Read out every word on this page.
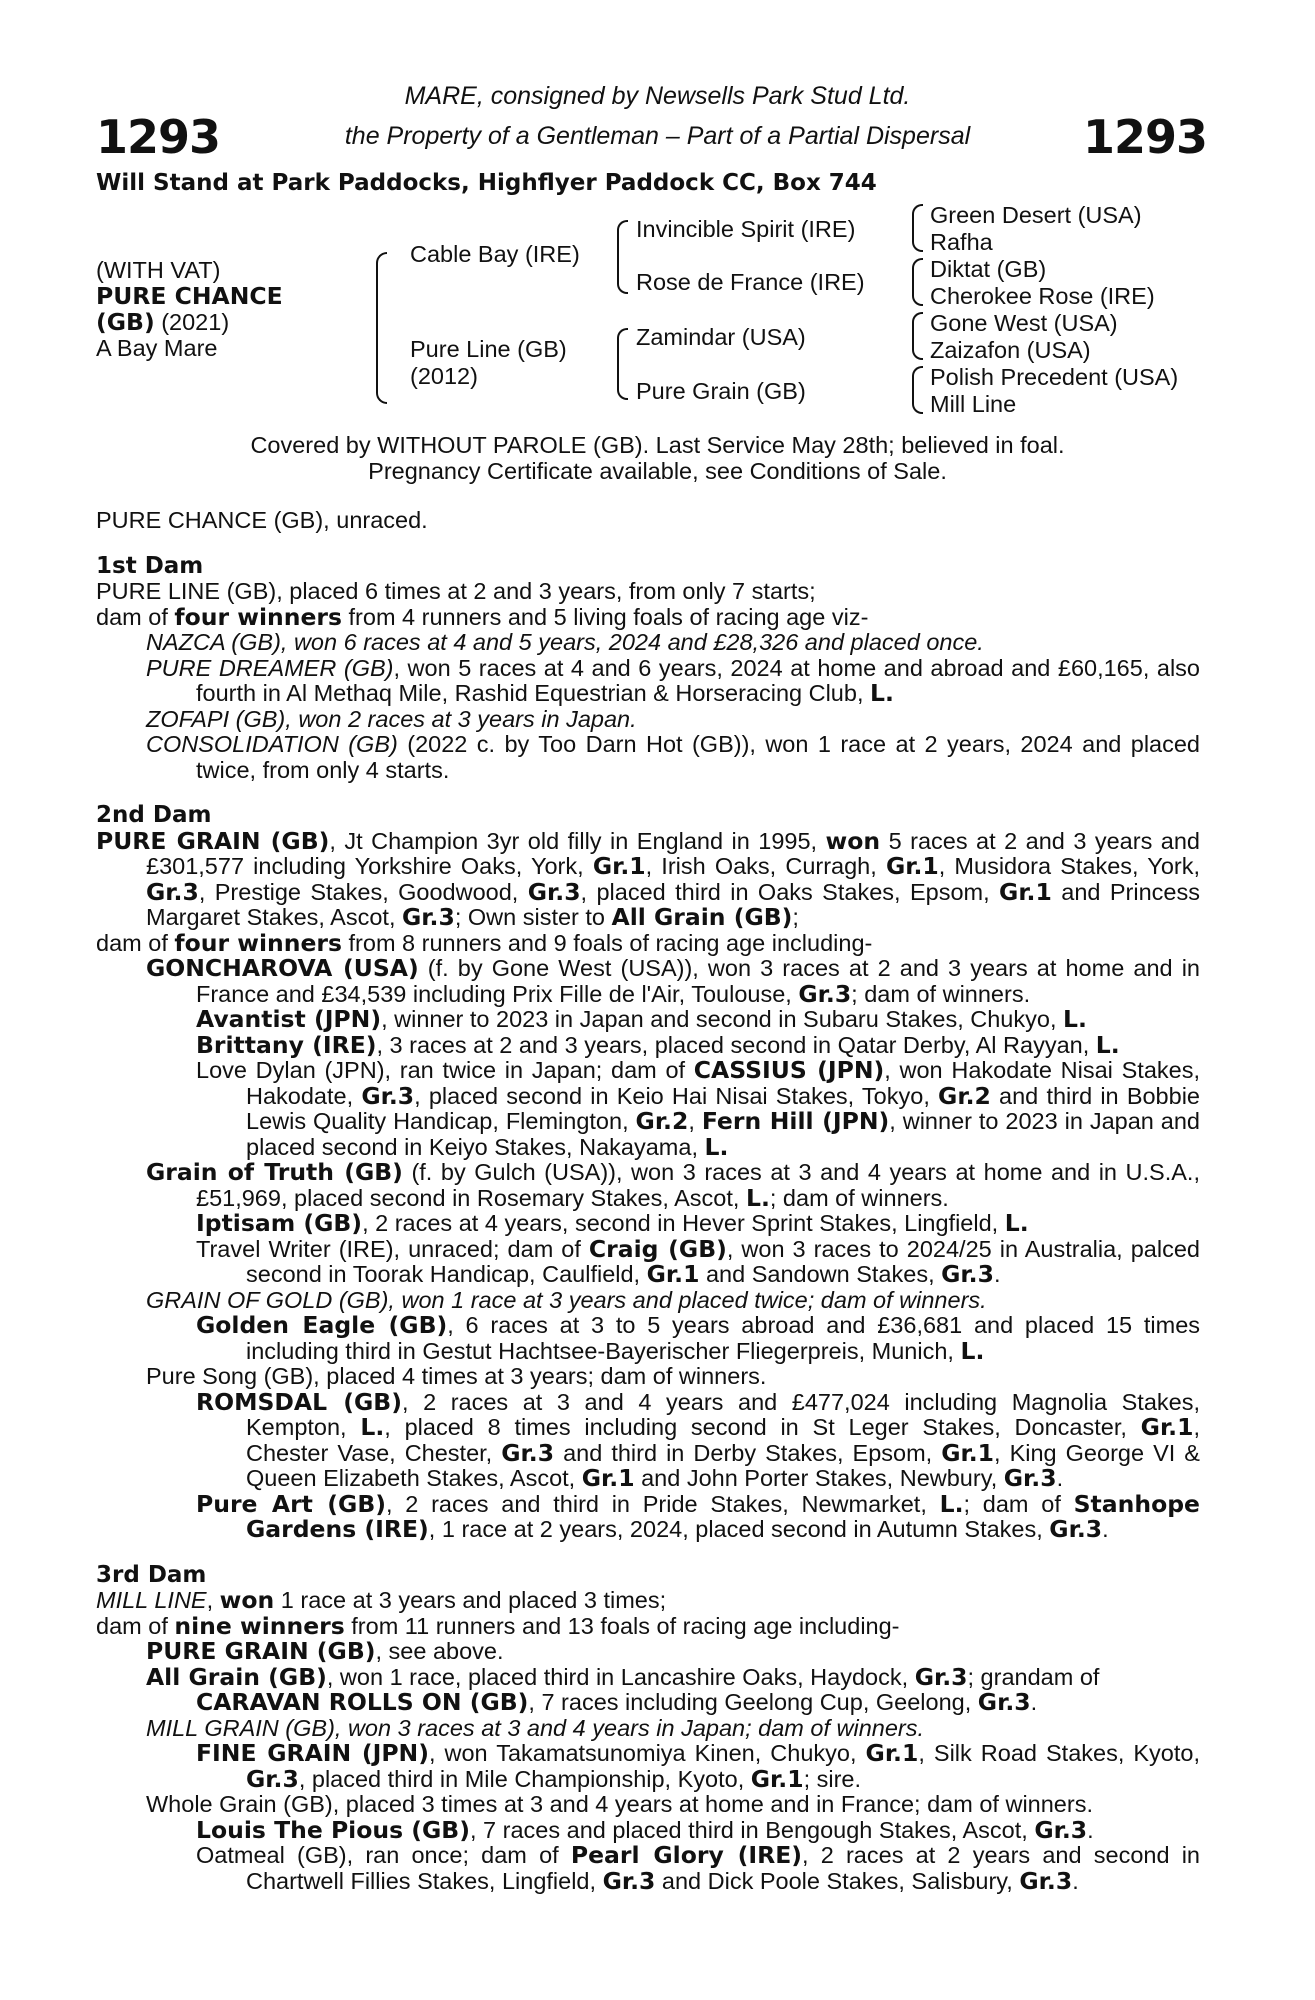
1293	1293
MARE, consigned by Newsells Park Stud Ltd.
the Property of a Gentleman – Part of a Partial Dispersal
Will Stand at Park Paddocks, Highflyer Paddock CC, Box 744
(WITH VAT)
PURE CHANCE
(GB) (2021)
A Bay Mare
Cable Bay (IRE)
Pure Line (GB)
(2012)
Invincible Spirit (IRE)
Rose de France (IRE)
Zamindar (USA)
Pure Grain (GB)
Green Desert (USA)
Rafha
Diktat (GB)
Cherokee Rose (IRE)
Gone West (USA)
Zaizafon (USA)
Polish Precedent (USA)
Mill Line
Covered by WITHOUT PAROLE (GB). Last Service May 28th; believed in foal.
Pregnancy Certificate available, see Conditions of Sale.

PURE CHANCE (GB), unraced.

1st Dam

PURE LINE (GB), placed 6 times at 2 and 3 years, from only 7 starts;

dam of four winners from 4 runners and 5 living foals of racing age viz-

NAZCA (GB), won 6 races at 4 and 5 years, 2024 and £28,326 and placed once.

PURE DREAMER (GB), won 5 races at 4 and 6 years, 2024 at home and abroad and £60,165, also fourth in Al Methaq Mile, Rashid Equestrian & Horseracing Club, L.

ZOFAPI (GB), won 2 races at 3 years in Japan.

CONSOLIDATION (GB) (2022 c. by Too Darn Hot (GB)), won 1 race at 2 years, 2024 and placed twice, from only 4 starts.

2nd Dam

PURE GRAIN (GB), Jt Champion 3yr old filly in England in 1995, won 5 races at 2 and 3 years and £301,577 including Yorkshire Oaks, York, Gr.1, Irish Oaks, Curragh, Gr.1, Musidora Stakes, York, Gr.3, Prestige Stakes, Goodwood, Gr.3, placed third in Oaks Stakes, Epsom, Gr.1 and Princess Margaret Stakes, Ascot, Gr.3; Own sister to All Grain (GB);

dam of four winners from 8 runners and 9 foals of racing age including-

GONCHAROVA (USA) (f. by Gone West (USA)), won 3 races at 2 and 3 years at home and in France and £34,539 including Prix Fille de l'Air, Toulouse, Gr.3; dam of winners.

Avantist (JPN), winner to 2023 in Japan and second in Subaru Stakes, Chukyo, L.

Brittany (IRE), 3 races at 2 and 3 years, placed second in Qatar Derby, Al Rayyan, L.

Love Dylan (JPN), ran twice in Japan; dam of CASSIUS (JPN), won Hakodate Nisai Stakes, Hakodate, Gr.3, placed second in Keio Hai Nisai Stakes, Tokyo, Gr.2 and third in Bobbie Lewis Quality Handicap, Flemington, Gr.2, Fern Hill (JPN), winner to 2023 in Japan and placed second in Keiyo Stakes, Nakayama, L.

Grain of Truth (GB) (f. by Gulch (USA)), won 3 races at 3 and 4 years at home and in U.S.A., £51,969, placed second in Rosemary Stakes, Ascot, L.; dam of winners.

Iptisam (GB), 2 races at 4 years, second in Hever Sprint Stakes, Lingfield, L.

Travel Writer (IRE), unraced; dam of Craig (GB), won 3 races to 2024/25 in Australia, palced second in Toorak Handicap, Caulfield, Gr.1 and Sandown Stakes, Gr.3.

GRAIN OF GOLD (GB), won 1 race at 3 years and placed twice; dam of winners.

Golden Eagle (GB), 6 races at 3 to 5 years abroad and £36,681 and placed 15 times including third in Gestut Hachtsee-Bayerischer Fliegerpreis, Munich, L.

Pure Song (GB), placed 4 times at 3 years; dam of winners.

ROMSDAL (GB), 2 races at 3 and 4 years and £477,024 including Magnolia Stakes, Kempton, L., placed 8 times including second in St Leger Stakes, Doncaster, Gr.1, Chester Vase, Chester, Gr.3 and third in Derby Stakes, Epsom, Gr.1, King George VI & Queen Elizabeth Stakes, Ascot, Gr.1 and John Porter Stakes, Newbury, Gr.3.

Pure Art (GB), 2 races and third in Pride Stakes, Newmarket, L.; dam of Stanhope Gardens (IRE), 1 race at 2 years, 2024, placed second in Autumn Stakes, Gr.3.

3rd Dam

MILL LINE, won 1 race at 3 years and placed 3 times;

dam of nine winners from 11 runners and 13 foals of racing age including-

PURE GRAIN (GB), see above.

All Grain (GB), won 1 race, placed third in Lancashire Oaks, Haydock, Gr.3; grandam of

CARAVAN ROLLS ON (GB), 7 races including Geelong Cup, Geelong, Gr.3.

MILL GRAIN (GB), won 3 races at 3 and 4 years in Japan; dam of winners.

FINE GRAIN (JPN), won Takamatsunomiya Kinen, Chukyo, Gr.1, Silk Road Stakes, Kyoto, Gr.3, placed third in Mile Championship, Kyoto, Gr.1; sire.

Whole Grain (GB), placed 3 times at 3 and 4 years at home and in France; dam of winners.

Louis The Pious (GB), 7 races and placed third in Bengough Stakes, Ascot, Gr.3.

Oatmeal (GB), ran once; dam of Pearl Glory (IRE), 2 races at 2 years and second in Chartwell Fillies Stakes, Lingfield, Gr.3 and Dick Poole Stakes, Salisbury, Gr.3.
